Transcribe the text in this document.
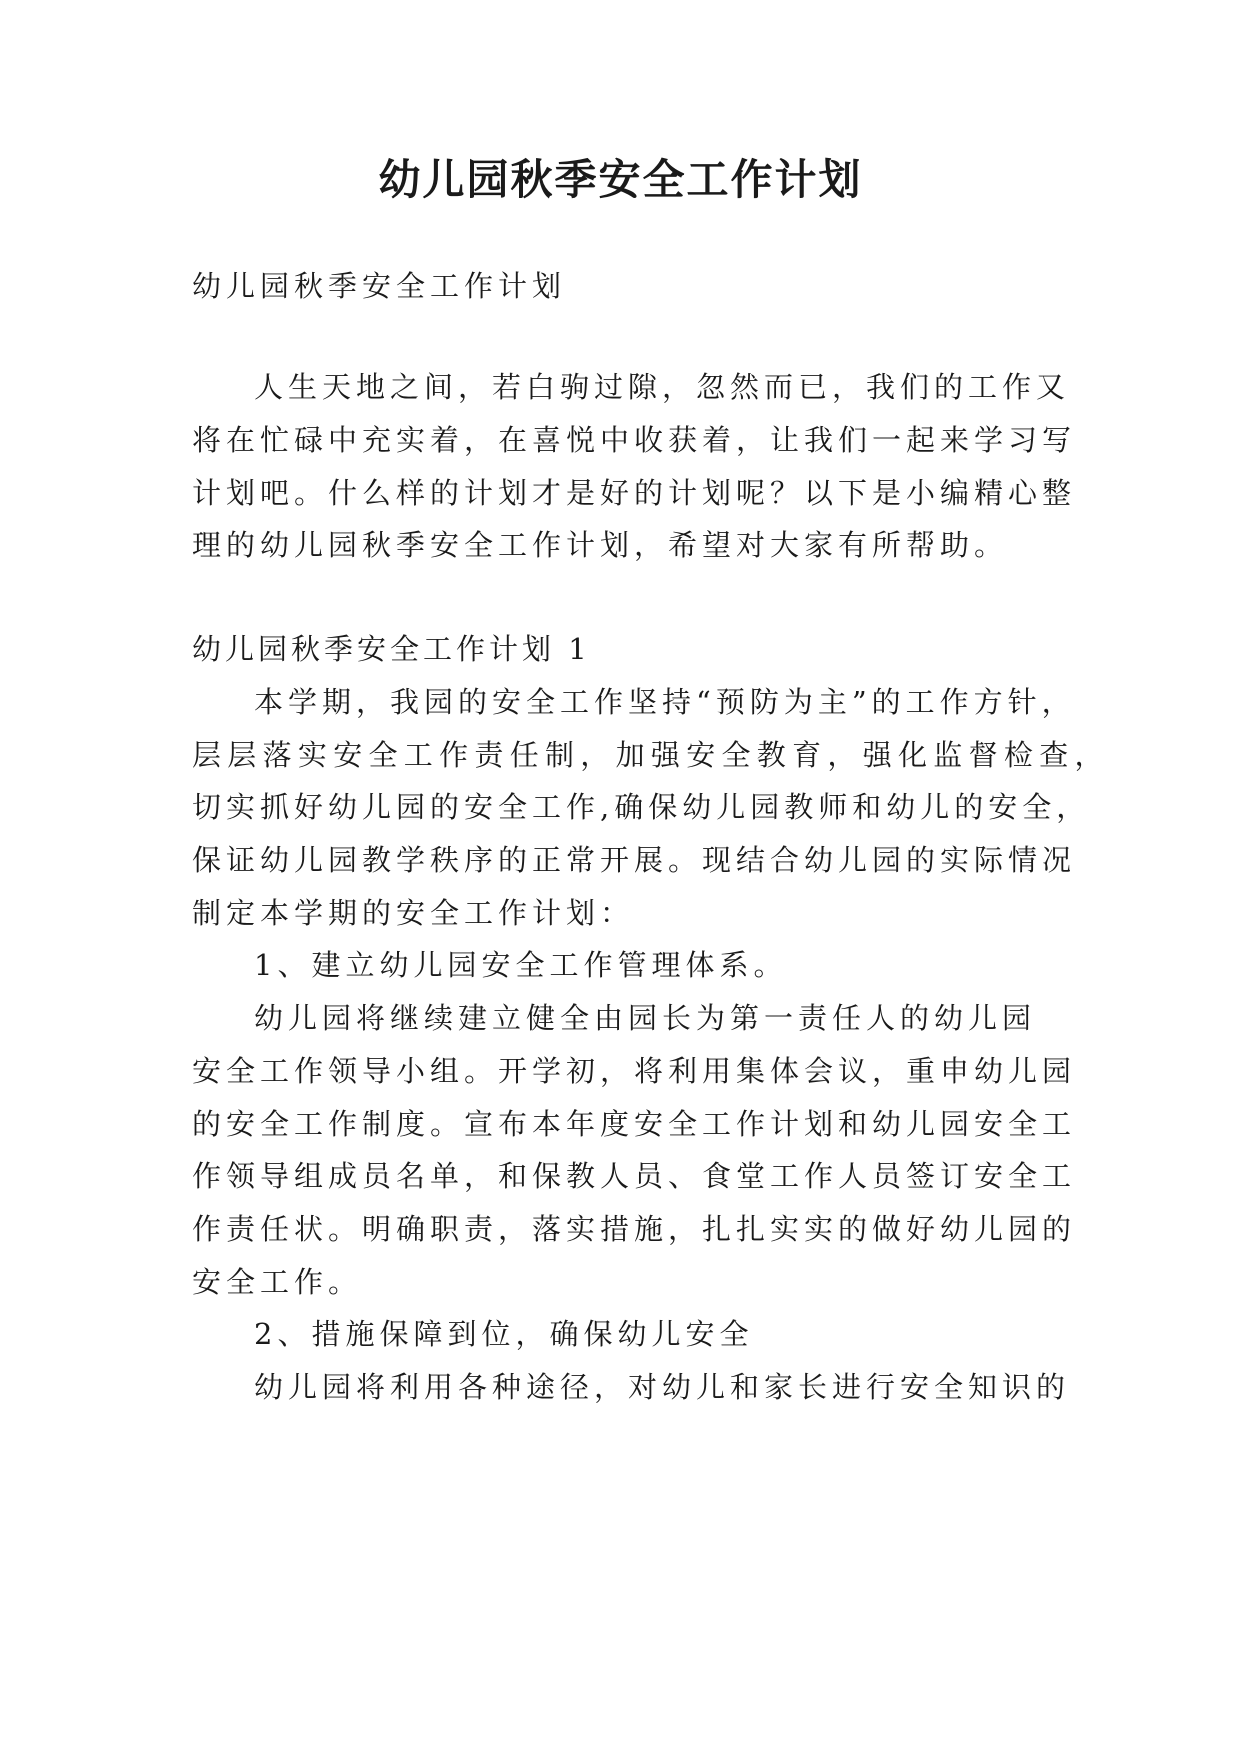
幼儿园秋季安全工作计划
幼儿园秋季安全工作计划
人生天地之间，若白驹过隙，忽然而已，我们的工作又
将在忙碌中充实着，在喜悦中收获着，让我们一起来学习写
计划吧。什么样的计划才是好的计划呢？以下是小编精心整
理的幼儿园秋季安全工作计划，希望对大家有所帮助。
幼儿园秋季安全工作计划 1
本学期，我园的安全工作坚持“预防为主”的工作方针，
层层落实安全工作责任制，加强安全教育，强化监督检查，
切实抓好幼儿园的安全工作,确保幼儿园教师和幼儿的安全，
保证幼儿园教学秩序的正常开展。现结合幼儿园的实际情况
制定本学期的安全工作计划：
1、建立幼儿园安全工作管理体系。
幼儿园将继续建立健全由园长为第一责任人的幼儿园
安全工作领导小组。开学初，将利用集体会议，重申幼儿园
的安全工作制度。宣布本年度安全工作计划和幼儿园安全工
作领导组成员名单，和保教人员、食堂工作人员签订安全工
作责任状。明确职责，落实措施，扎扎实实的做好幼儿园的
安全工作。
2、措施保障到位，确保幼儿安全
幼儿园将利用各种途径，对幼儿和家长进行安全知识的
